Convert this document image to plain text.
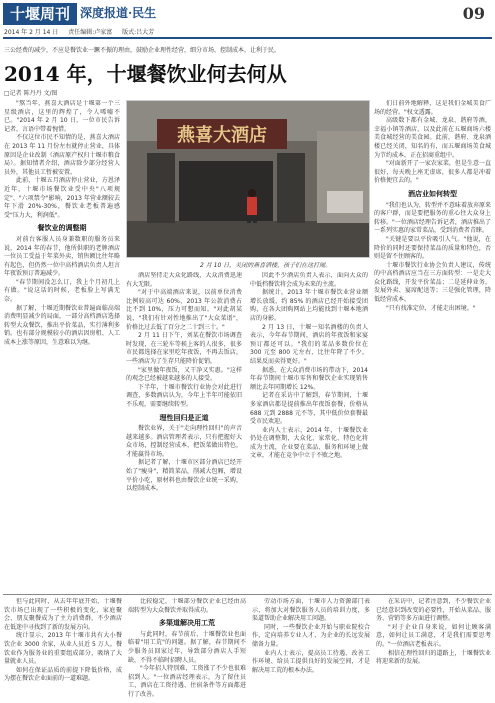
十堰周刊 深度报道·民生
2014 年 2 月 14 日 责任编辑:卢家富 版式:吕大芳
09
三公经费的减少，不应是餐饮业一蹶不振的理由，鼓励企业理性经营，细分市场，控制成本，让利于民。
2014 年，十堰餐饮业何去何从
□记者 陈丹丹 文/图

"熬当年，燕喜大酒店是十堰第一个三星级酒店，这里的辉煌了，令人唏嘘不已。"2014 年 2 月 10 日，一位市民告诉记者，言语中带着惋惜。

不仅这位市民不知情的是，燕喜大酒店在 2013 年 11 月份左右就停止营业，具体原因是企业改制（酒店原产权归十堰市粮食局）。据知情者介绍，酒店除少部分经营人员外，其他员工暂被安置。

此前，十堰五月酒店停止营业，方恩泽近年，十堰市场餐饮业受中央"八项规定"、"六项禁令"影响，2013 年营业额较去年下滑 20%-30%，餐饮业老板普遍感受"压力大，利润低"。

餐饮业的调整期

对前台客服人员身兼数职的服务员来说，2014 年的春节，他所供职的老牌酒店一位员工受益于年菜外卖，销售额比往年略有起色，但仍然一位中高档酒店负责人坦言年夜饭预订普遍减少。

"春节期间没怎么订，我上个月初几上有做。"说这话的时候，老板脸上写满无奈。

据了解，十堰近期餐饮业普遍面临高端消费明显减少的局面，一部分高档酒店选择转型大众餐饮，推出平价菜品，实行薄利多销。也有部分规模较小的酒店因房租、人工成本上涨等原因，生意难以为继。

燕喜大酒店
2 月 10 日，关闭的燕喜酒楼，孩子们在这打闹。

酒店坚持走大众化路线，大众消费迅速有大无限。

"对于中高端酒店来说，以前单位消费比例较高可达 60%，2013 年公款消费占比不到 10%，压力可想而知。"对此胡某说，"我们有针对性地推出了"大众菜谱"，价格比过去低了百分之二十到三十。"

2 月 11 日下午，刘某在餐饮市场调查时发现，在三轮车等候上客的人很多，很多市民都选择在家里吃年夜饭，不再去饭店，一些酒店为了生存只能降价促销。

"家里做年夜饭，又干净又实惠。"这样的观念已经被越来越多的人接受。

下半年，十堰市餐饮行业协会对此进行调查，多数酒店认为，今年上半年可能依旧不乐观，需要继续转型。

理性回归是正道

餐饮业界，关于"走向理性回归"的声音越来越多。酒店管理者表示，只有把握好大众市场，控制经营成本，把饭菜做出特色，才能赢得市场。

据记者了解，十堰市区部分酒店已经开始了"瘦身"，精简菜品，削减大包厢，增设平价小吃，原材料也由餐饮企业统一采购，以控制成本。

因此不少酒店负责人表示，面向大众的中低档餐饮将会成为未来的主流。

据统计，2013 年十堰市餐饮业营业额增长放缓，约 85% 的酒店已经开始接受团购，在各大团购网站上均能找到十堰本地酒店的身影。

2 月 13 日，十堰一知名酒楼的负责人表示，今年春节期间，酒店的年夜饭和家宴预订都还可以。"我们的菜品多数价位在 300 元至 800 元左右，比往年降了不少，结果反而卖得更好。"

据悉，在大众消费市场的带动下，2014 年春节期间十堰市零售和餐饮企业实现销售额比去年同期增长 12%。

记者在采访中了解到，春节期间，十堰多家酒店都是提前推出年夜饭套餐，价格从 688 元到 2888 元不等，其中低价位套餐最受市民欢迎。

业内人士表示，2014 年，十堰餐饮业仍处在调整期，大众化、家常化、特色化将成为主流，企业要在菜品、服务和环境上做文章，才能在竞争中立于不败之地。

们日前外地解释，这是我们金城美食广场的经营。"权文透露。

高级数下都有金城、龙泉、谐府等酒，幸福小镇等酒店，以及此前在五堰商场六楼美食城经营的美食园。此前，谐府、龙泉酒楼已经关闭，知名的有，而五堰商场美食城为节约成本，正在招商重组中。

"对面新开了一家农家菜，但是生意一直很好，每天晚上座无虚席，很多人都是冲着价格便宜去的。"

酒店业如何转型

"我们也认为，转型并不意味着放弃原来的客户群，而是要把服务的重心往大众身上转移。"一位酒店经理告诉记者，酒店推出了一系列实惠的家常菜品，受到消费者青睐。

"关键是要以平价吸引人气。"他说，在降价的同时还要保持菜品的质量和特色，否则是留不住顾客的。

十堰市餐饮行业协会负责人建议，传统的中高档酒店应当在三方面转型：一是走大众化路线，开发平价菜品；二是延伸业务，发展外卖、宴席配送等；三是强化管理，降低经营成本。

"只有找准定位，才能走出困境。"

但与此同时，从去年年底开始，十堰餐饮市场已出现了一些积极的变化，家庭聚会、朋友聚餐成为了主力消费群，不少酒店在低迷中寻找到了新的发展方向。

统计显示，2013 年十堰市共有大小餐饮企业 3000 余家，从业人员近 5 万人。餐饮业作为服务业的重要组成部分，吸纳了大量就业人员。

如何在保证品质的前提下降低价格，成为摆在餐饮企业面前的一道难题。

比较稳定，十堰部分餐饮企业已经由高端转型为大众餐饮并取得成功。

多渠道解决用工荒

与此同时，春节前后，十堰餐饮业也面临着"用工荒"的问题。据了解，春节期间不少服务员回家过年，导致部分酒店人手短缺，不得不临时招聘人员。

"今年招人特别难，工资涨了不少也很难招到人。"一位酒店经理表示，为了留住员工，酒店在工资待遇、住宿条件等方面都进行了改善。

劳动市场方面，十堰市人力资源部门表示，将加大对餐饮服务人员的培训力度，多渠道帮助企业解决用工问题。

同时，一些餐饮企业开始与职业院校合作，定向培养专业人才，为企业的长远发展储备力量。

业内人士表示，提高员工待遇、改善工作环境、给员工提供良好的发展空间，才是解决用工荒的根本办法。

在采访中，记者注意到，不少餐饮企业已经意识到改变的必要性，开始从菜品、服务、营销等多方面进行调整。

"对于企业自身来说，如何让顾客满意，如何让员工满意，才是我们需要思考的。"一位酒店老板表示。

相信在理性回归的道路上，十堰餐饮业将迎来新的发展。
